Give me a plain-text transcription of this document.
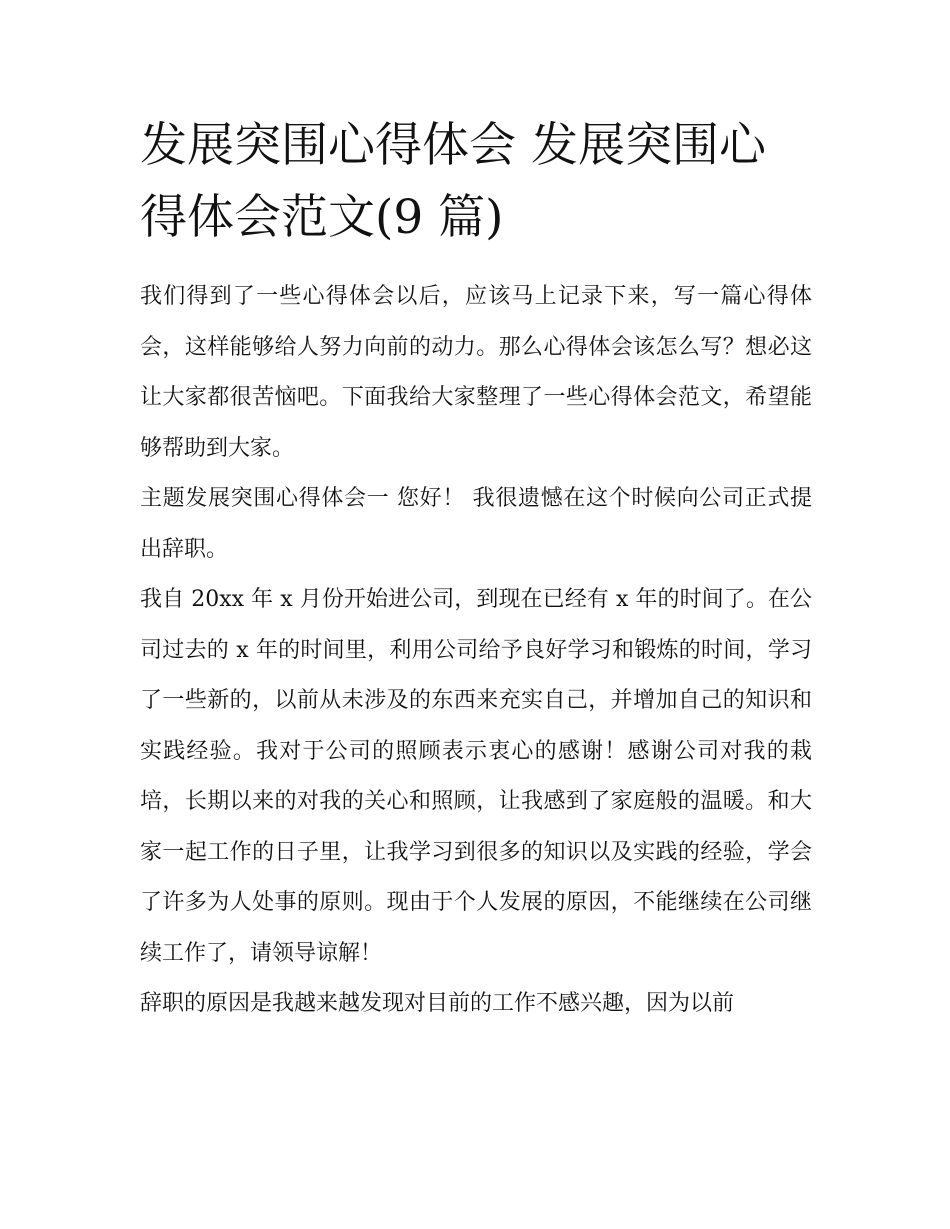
发展突围心得体会 发展突围心得体会范文(9 篇)

我们得到了一些心得体会以后，应该马上记录下来，写一篇心得体会，这样能够给人努力向前的动力。那么心得体会该怎么写？想必这让大家都很苦恼吧。下面我给大家整理了一些心得体会范文，希望能够帮助到大家。

主题发展突围心得体会一 您好！ 我很遗憾在这个时候向公司正式提出辞职。

我自 20xx 年 x 月份开始进公司，到现在已经有 x 年的时间了。在公司过去的 x 年的时间里，利用公司给予良好学习和锻炼的时间，学习了一些新的，以前从未涉及的东西来充实自己，并增加自己的知识和实践经验。我对于公司的照顾表示衷心的感谢！感谢公司对我的栽培，长期以来的对我的关心和照顾，让我感到了家庭般的温暖。和大家一起工作的日子里，让我学习到很多的知识以及实践的经验，学会了许多为人处事的原则。现由于个人发展的原因，不能继续在公司继续工作了，请领导谅解！

辞职的原因是我越来越发现对目前的工作不感兴趣，因为以前
